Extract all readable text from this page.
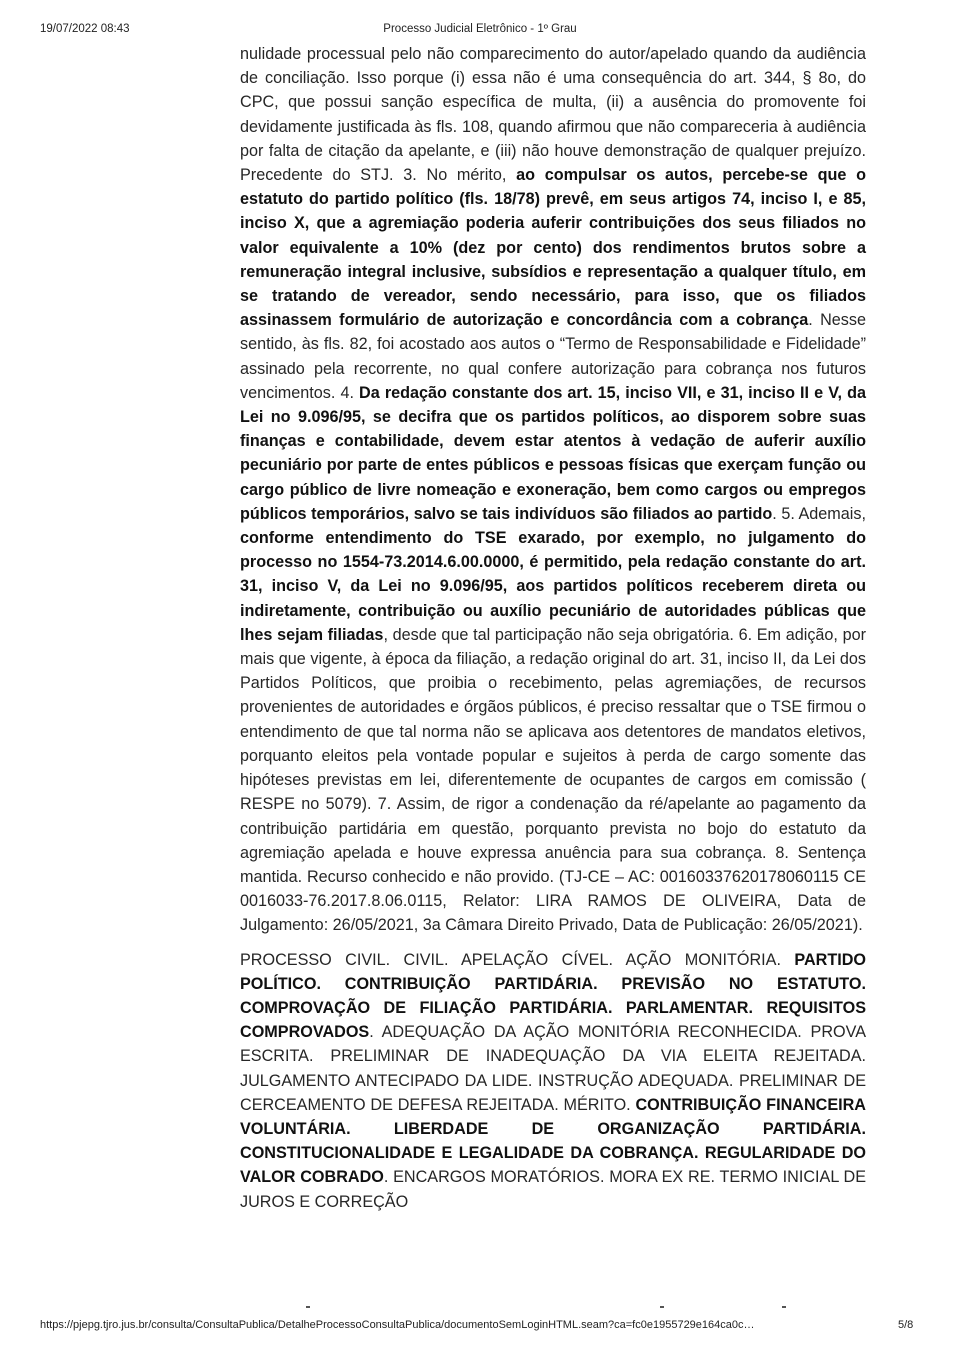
19/07/2022 08:43	Processo Judicial Eletrônico - 1º Grau

nulidade processual pelo não comparecimento do autor/apelado quando da audiência de conciliação. Isso porque (i) essa não é uma consequência do art. 344, § 8o, do CPC, que possui sanção específica de multa, (ii) a ausência do promovente foi devidamente justificada às fls. 108, quando afirmou que não compareceria à audiência por falta de citação da apelante, e (iii) não houve demonstração de qualquer prejuízo. Precedente do STJ. 3. No mérito, ao compulsar os autos, percebe-se que o estatuto do partido político (fls. 18/78) prevê, em seus artigos 74, inciso I, e 85, inciso X, que a agremiação poderia auferir contribuições dos seus filiados no valor equivalente a 10% (dez por cento) dos rendimentos brutos sobre a remuneração integral inclusive, subsídios e representação a qualquer título, em se tratando de vereador, sendo necessário, para isso, que os filiados assinassem formulário de autorização e concordância com a cobrança. Nesse sentido, às fls. 82, foi acostado aos autos o “Termo de Responsabilidade e Fidelidade” assinado pela recorrente, no qual confere autorização para cobrança nos futuros vencimentos. 4. Da redação constante dos art. 15, inciso VII, e 31, inciso II e V, da Lei no 9.096/95, se decifra que os partidos políticos, ao disporem sobre suas finanças e contabilidade, devem estar atentos à vedação de auferir auxílio pecuniário por parte de entes públicos e pessoas físicas que exerçam função ou cargo público de livre nomeação e exoneração, bem como cargos ou empregos públicos temporários, salvo se tais indivíduos são filiados ao partido. 5. Ademais, conforme entendimento do TSE exarado, por exemplo, no julgamento do processo no 1554-73.2014.6.00.0000, é permitido, pela redação constante do art. 31, inciso V, da Lei no 9.096/95, aos partidos políticos receberem direta ou indiretamente, contribuição ou auxílio pecuniário de autoridades públicas que lhes sejam filiadas, desde que tal participação não seja obrigatória. 6. Em adição, por mais que vigente, à época da filiação, a redação original do art. 31, inciso II, da Lei dos Partidos Políticos, que proibia o recebimento, pelas agremiações, de recursos provenientes de autoridades e órgãos públicos, é preciso ressaltar que o TSE firmou o entendimento de que tal norma não se aplicava aos detentores de mandatos eletivos, porquanto eleitos pela vontade popular e sujeitos à perda de cargo somente das hipóteses previstas em lei, diferentemente de ocupantes de cargos em comissão ( RESPE no 5079). 7. Assim, de rigor a condenação da ré/apelante ao pagamento da contribuição partidária em questão, porquanto prevista no bojo do estatuto da agremiação apelada e houve expressa anuência para sua cobrança. 8. Sentença mantida. Recurso conhecido e não provido. (TJ-CE – AC: 00160337620178060115 CE 0016033-76.2017.8.06.0115, Relator: LIRA RAMOS DE OLIVEIRA, Data de Julgamento: 26/05/2021, 3a Câmara Direito Privado, Data de Publicação: 26/05/2021).

PROCESSO CIVIL. CIVIL. APELAÇÃO CÍVEL. AÇÃO MONITÓRIA. PARTIDO POLÍTICO. CONTRIBUIÇÃO PARTIDÁRIA. PREVISÃO NO ESTATUTO. COMPROVAÇÃO DE FILIAÇÃO PARTIDÁRIA. PARLAMENTAR. REQUISITOS COMPROVADOS. ADEQUAÇÃO DA AÇÃO MONITÓRIA RECONHECIDA. PROVA ESCRITA. PRELIMINAR DE INADEQUAÇÃO DA VIA ELEITA REJEITADA. JULGAMENTO ANTECIPADO DA LIDE. INSTRUÇÃO ADEQUADA. PRELIMINAR DE CERCEAMENTO DE DEFESA REJEITADA. MÉRITO. CONTRIBUIÇÃO FINANCEIRA VOLUNTÁRIA. LIBERDADE DE ORGANIZAÇÃO PARTIDÁRIA. CONSTITUCIONALIDADE E LEGALIDADE DA COBRANÇA. REGULARIDADE DO VALOR COBRADO. ENCARGOS MORATÓRIOS. MORA EX RE. TERMO INICIAL DE JUROS E CORREÇÃO

https://pjepg.tjro.jus.br/consulta/ConsultaPublica/DetalheProcessoConsultaPublica/documentoSemLoginHTML.seam?ca=fc0e1955729e164ca0c…	5/8
